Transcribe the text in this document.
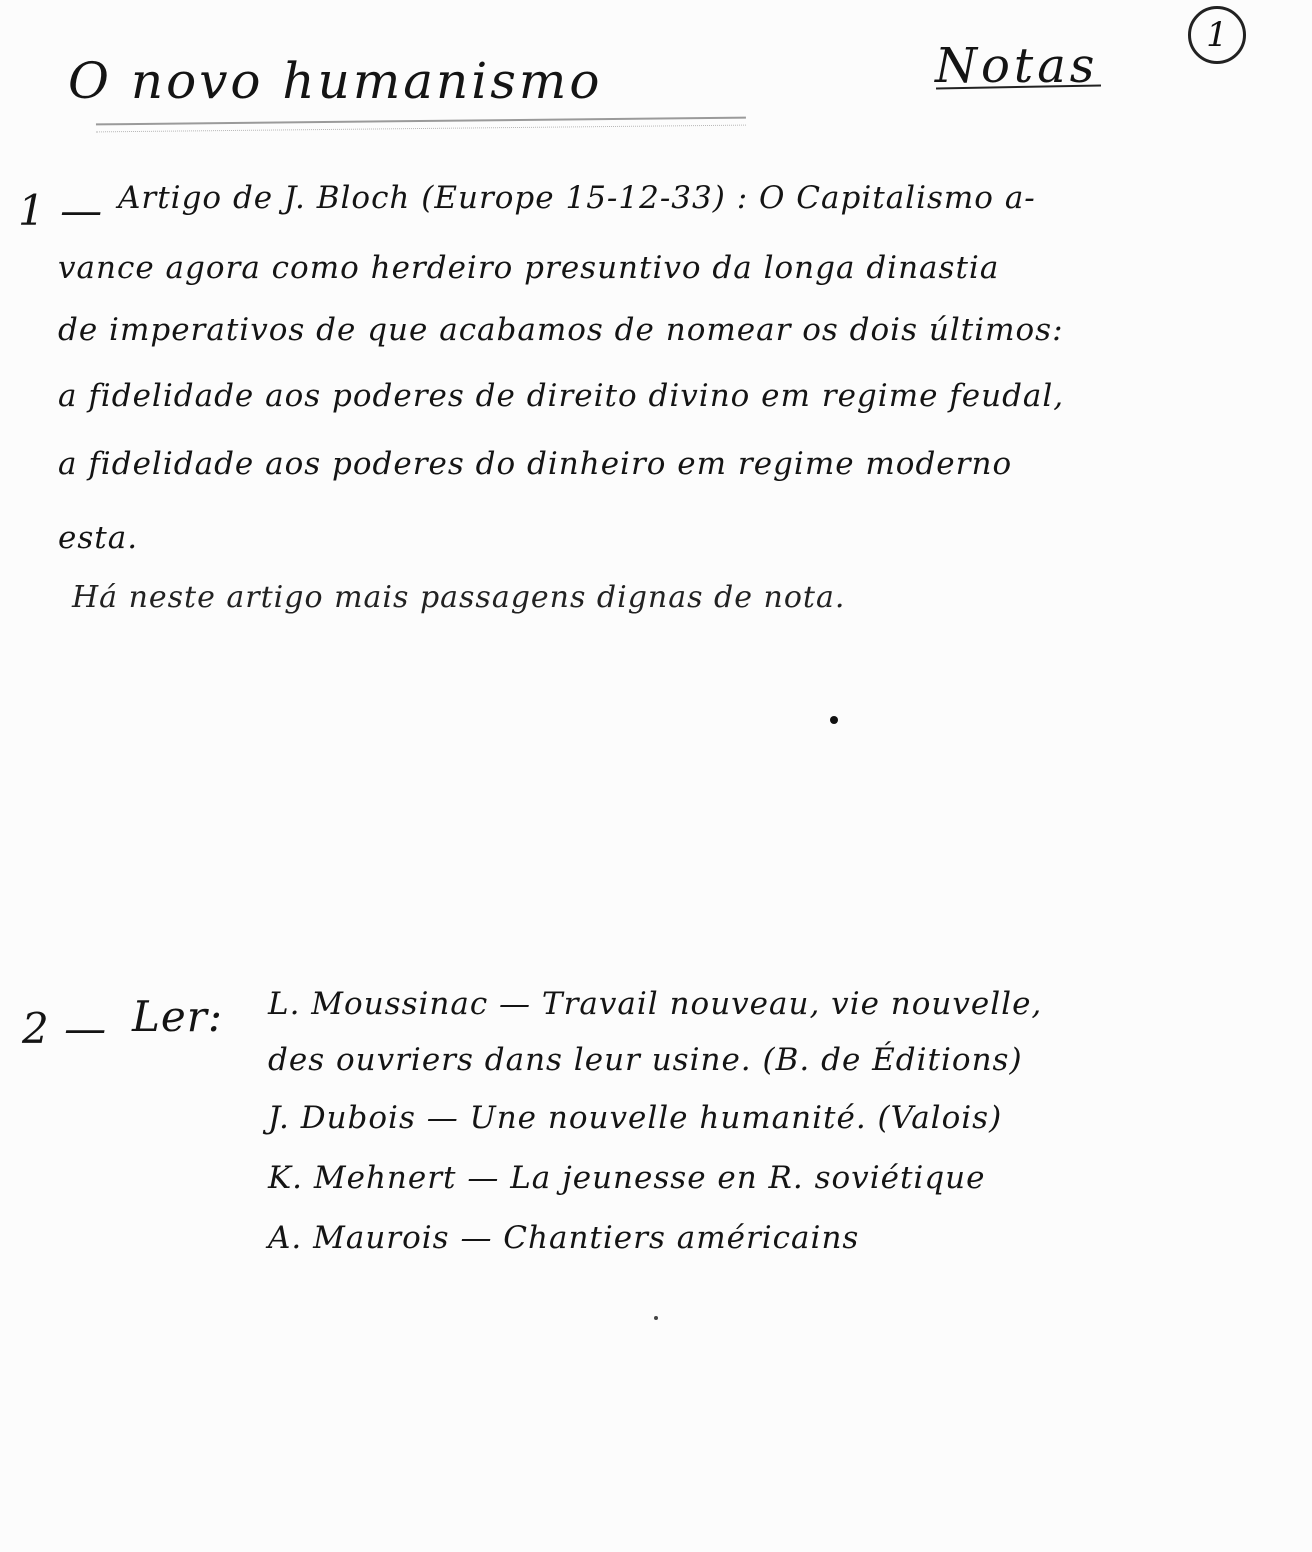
1
O novo humanismo	Notas
1 — Artigo de J. Bloch (Europe 15-12-33) : O Capitalismo a-
vance agora como herdeiro presuntivo da longa dinastia
de imperativos de que acabamos de nomear os dois últimos:
a fidelidade aos poderes de direito divino em regime feudal,
a fidelidade aos poderes do dinheiro em regime moderno
esta.
Há neste artigo mais passagens dignas de nota.
2 — Ler: L. Moussinac — Travail nouveau, vie nouvelle,
des ouvriers dans leur usine. (B. de Éditions)
J. Dubois — Une nouvelle humanité. (Valois)
K. Mehnert — La jeunesse en R. soviétique
A. Maurois — Chantiers américains
